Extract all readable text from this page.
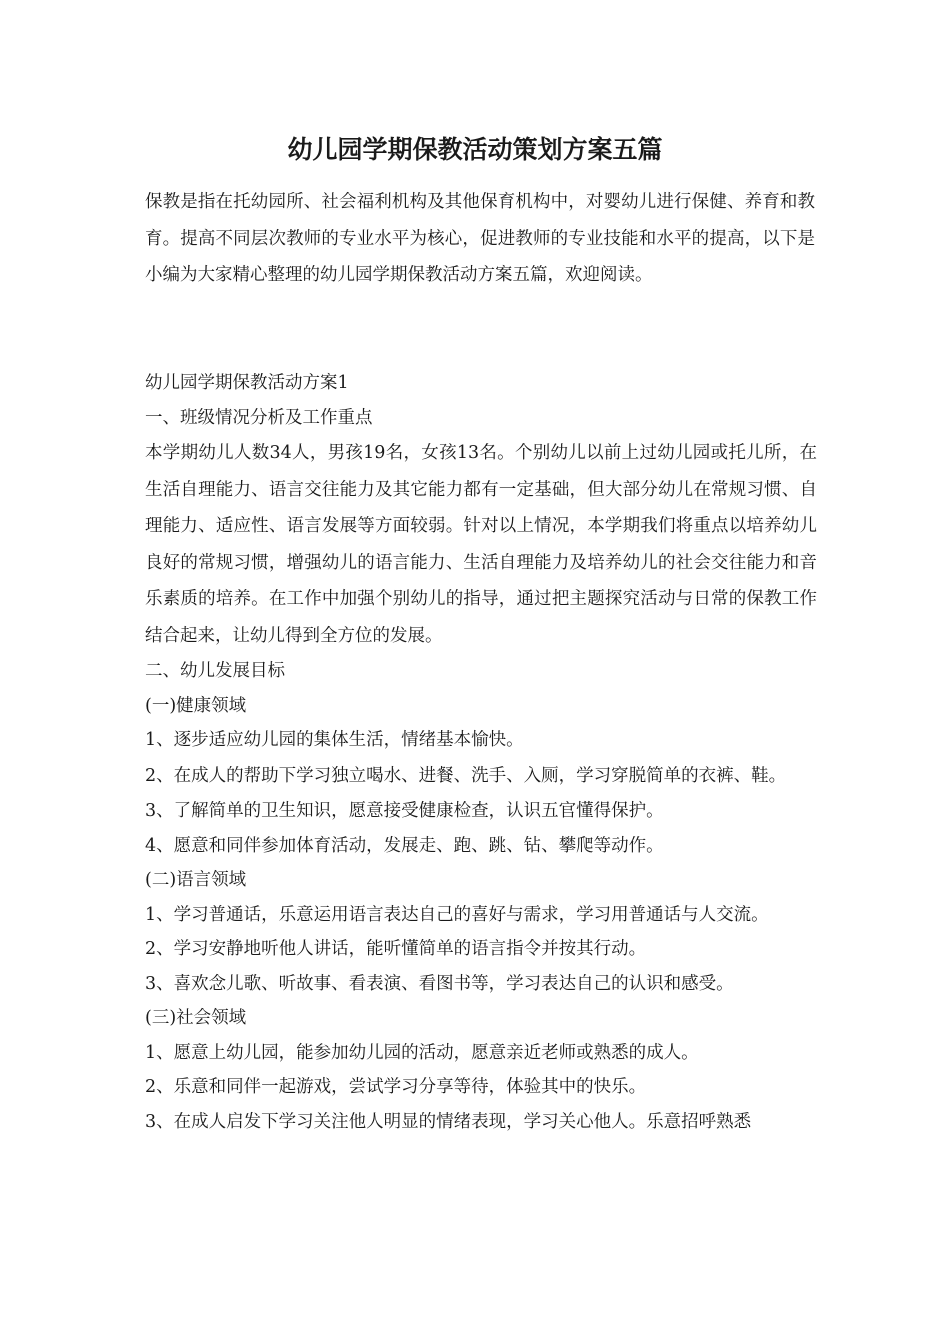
幼儿园学期保教活动策划方案五篇

保教是指在托幼园所、社会福利机构及其他保育机构中，对婴幼儿进行保健、养育和教育。提高不同层次教师的专业水平为核心，促进教师的专业技能和水平的提高，以下是小编为大家精心整理的幼儿园学期保教活动方案五篇，欢迎阅读。

幼儿园学期保教活动方案1
一、班级情况分析及工作重点
本学期幼儿人数34人，男孩19名，女孩13名。个别幼儿以前上过幼儿园或托儿所，在生活自理能力、语言交往能力及其它能力都有一定基础，但大部分幼儿在常规习惯、自理能力、适应性、语言发展等方面较弱。针对以上情况，本学期我们将重点以培养幼儿良好的常规习惯，增强幼儿的语言能力、生活自理能力及培养幼儿的社会交往能力和音乐素质的培养。在工作中加强个别幼儿的指导，通过把主题探究活动与日常的保教工作结合起来，让幼儿得到全方位的发展。
二、幼儿发展目标
(一)健康领域
1、逐步适应幼儿园的集体生活，情绪基本愉快。
2、在成人的帮助下学习独立喝水、进餐、洗手、入厕，学习穿脱简单的衣裤、鞋。
3、了解简单的卫生知识，愿意接受健康检查，认识五官懂得保护。
4、愿意和同伴参加体育活动，发展走、跑、跳、钻、攀爬等动作。
(二)语言领域
1、学习普通话，乐意运用语言表达自己的喜好与需求，学习用普通话与人交流。
2、学习安静地听他人讲话，能听懂简单的语言指令并按其行动。
3、喜欢念儿歌、听故事、看表演、看图书等，学习表达自己的认识和感受。
(三)社会领域
1、愿意上幼儿园，能参加幼儿园的活动，愿意亲近老师或熟悉的成人。
2、乐意和同伴一起游戏，尝试学习分享等待，体验其中的快乐。
3、在成人启发下学习关注他人明显的情绪表现，学习关心他人。乐意招呼熟悉
